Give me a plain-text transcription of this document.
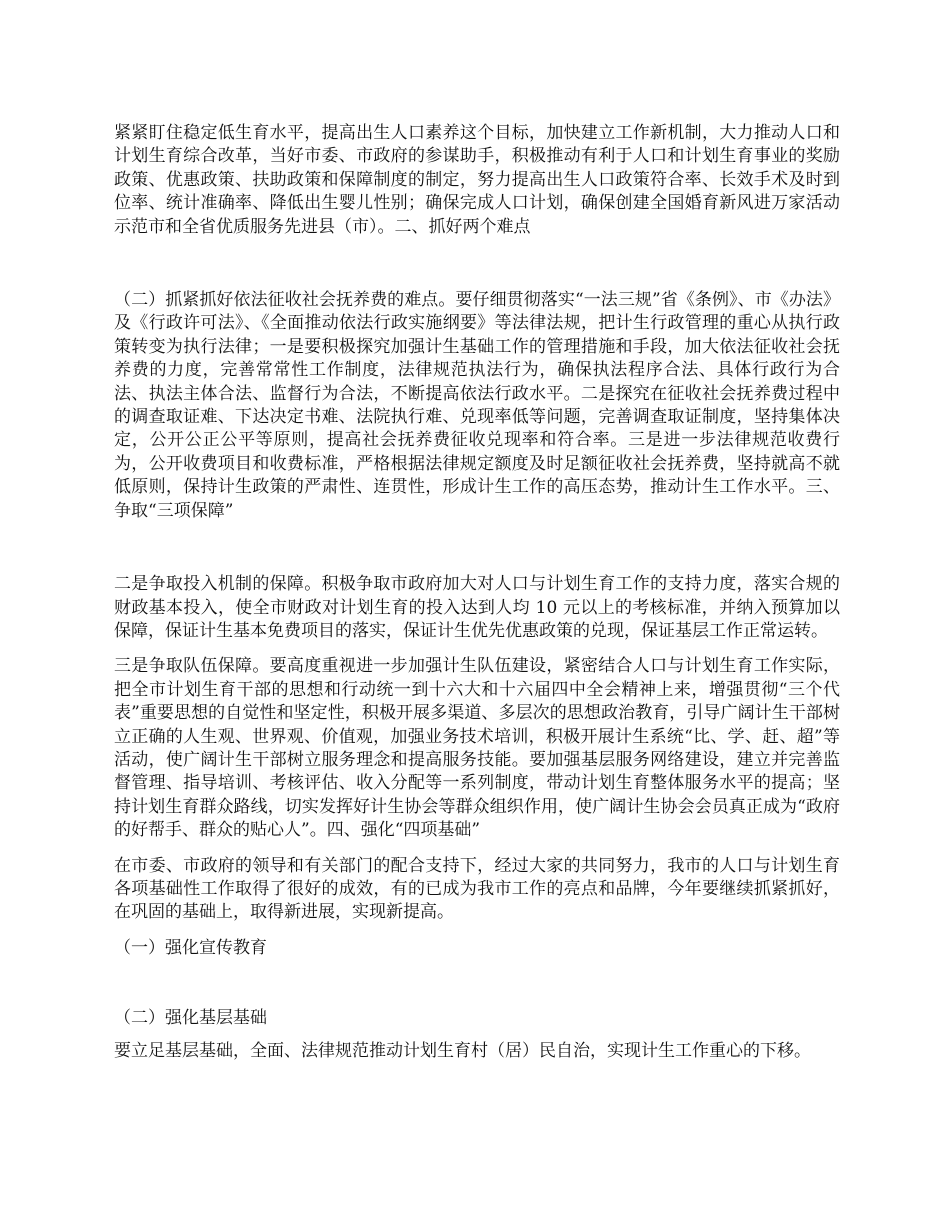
紧紧盯住稳定低生育水平，提高出生人口素养这个目标，加快建立工作新机制，大力推动人口和计划生育综合改革，当好市委、市政府的参谋助手，积极推动有利于人口和计划生育事业的奖励政策、优惠政策、扶助政策和保障制度的制定，努力提高出生人口政策符合率、长效手术及时到位率、统计准确率、降低出生婴儿性别；确保完成人口计划，确保创建全国婚育新风进万家活动示范市和全省优质服务先进县（市）。二、抓好两个难点

（二）抓紧抓好依法征收社会抚养费的难点。要仔细贯彻落实“一法三规”省《条例》、市《办法》及《行政许可法》、《全面推动依法行政实施纲要》等法律法规，把计生行政管理的重心从执行政策转变为执行法律；一是要积极探究加强计生基础工作的管理措施和手段，加大依法征收社会抚养费的力度，完善常常性工作制度，法律规范执法行为，确保执法程序合法、具体行政行为合法、执法主体合法、监督行为合法，不断提高依法行政水平。二是探究在征收社会抚养费过程中的调查取证难、下达决定书难、法院执行难、兑现率低等问题，完善调查取证制度，坚持集体决定，公开公正公平等原则，提高社会抚养费征收兑现率和符合率。三是进一步法律规范收费行为，公开收费项目和收费标准，严格根据法律规定额度及时足额征收社会抚养费，坚持就高不就低原则，保持计生政策的严肃性、连贯性，形成计生工作的高压态势，推动计生工作水平。三、争取“三项保障”

二是争取投入机制的保障。积极争取市政府加大对人口与计划生育工作的支持力度，落实合规的财政基本投入，使全市财政对计划生育的投入达到人均 10 元以上的考核标准，并纳入预算加以保障，保证计生基本免费项目的落实，保证计生优先优惠政策的兑现，保证基层工作正常运转。

三是争取队伍保障。要高度重视进一步加强计生队伍建设，紧密结合人口与计划生育工作实际，把全市计划生育干部的思想和行动统一到十六大和十六届四中全会精神上来，增强贯彻“三个代表”重要思想的自觉性和坚定性，积极开展多渠道、多层次的思想政治教育，引导广阔计生干部树立正确的人生观、世界观、价值观，加强业务技术培训，积极开展计生系统“比、学、赶、超”等活动，使广阔计生干部树立服务理念和提高服务技能。要加强基层服务网络建设，建立并完善监督管理、指导培训、考核评估、收入分配等一系列制度，带动计划生育整体服务水平的提高；坚持计划生育群众路线，切实发挥好计生协会等群众组织作用，使广阔计生协会会员真正成为“政府的好帮手、群众的贴心人”。四、强化“四项基础”

在市委、市政府的领导和有关部门的配合支持下，经过大家的共同努力，我市的人口与计划生育各项基础性工作取得了很好的成效，有的已成为我市工作的亮点和品牌，今年要继续抓紧抓好，在巩固的基础上，取得新进展，实现新提高。

（一）强化宣传教育

（二）强化基层基础

要立足基层基础，全面、法律规范推动计划生育村（居）民自治，实现计生工作重心的下移。
